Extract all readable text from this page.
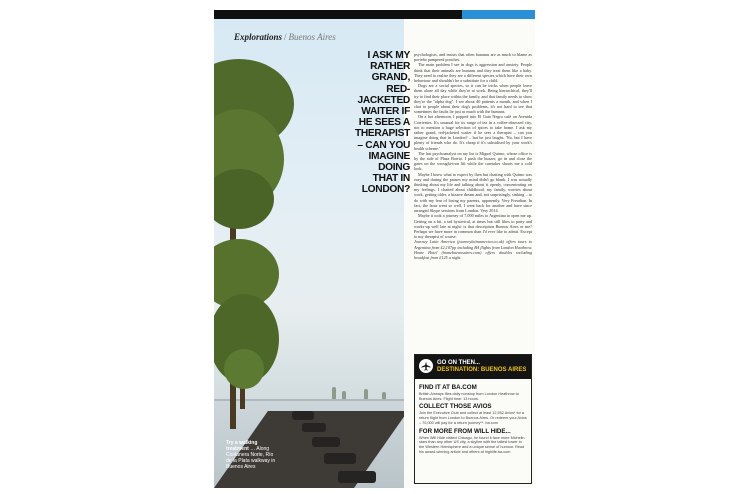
Try a walking treatment … Along Costanera Norte, Río de la Plata walkway in Buenos Aires
Explorations / Buenos Aires
I ASK MY RATHER GRAND, RED-JACKETED WAITER IF HE SEES A THERAPIST – CAN YOU IMAGINE DOING THAT IN LONDON?

psychologists, and insists that often bananas are as much to blame as porteño pampered pooches.

The main problem I see in dogs is aggression and anxiety. People think that their animals are humans and they treat them like a baby. They need to realise they are a different species which have their own behaviour and shouldn't be a substitute for a child.

Dogs are a social species, so it can be tricks when people leave them alone all day while they're at work. Being hierarchical, they'll try to find their place within the family, and that family needs to show they're the "alpha dog". I see about 40 patients a month, and when I chat to people about their dog's problems, it's not hard to see that sometimes the faults lie just as much with the humans.

On a hot afternoon, I popped into El Gato Negro café on Avenida Corrientes. It's unusual for its range of tea in a coffee-obsessed city, not to mention a huge selection of spices to take home. I ask my rather grand, red-jacketed waiter if he sees a therapist – can you imagine doing that in London? – but he just laughs. 'No, but I have plenty of friends who do. It's cheap if it's subsidised by your work's health scheme.'

The last psychoanalyst on my list is Miguel Quirno, whose office is by the side of Plaza Borrio. I push the buzzer, go in and close the gates on the wrought-iron lift while the caretaker shoots me a cold look.

Maybe I knew what to expect by then but chatting with Quirno was easy and during the pauses my mind didn't go blank. I was actually thinking about my life and talking about it openly, concentrating on my feelings. I chatted about childhood, my family, worries about work, getting older, a bizarre dream and, not surprisingly, sinking – to do with my fear of losing my parents, apparently. Very Freudian. In fact, the hour went so well, I went back for another and have since arranged Skype sessions from London. Very 2014.

Maybe it took a journey of 7,000 miles to Argentina to open me up. Getting on a bit, a tad hysterical, at times but still likes to party and works-up well late at night: is that description Buenos Aires or me? Perhaps we have more in common than I'd ever like to admit. Except to my therapist of course.

Journey Latin America (journeylatinamerica.co.uk) offers tours to Argentina from £2,107pp including BA flights from London Heathrow. Home Hotel (homebuenosaires.com) offers doubles including breakfast from £125 a night.

GO ON THEN...
DESTINATION: BUENOS AIRES
FIND IT AT BA.COM
British Airways flies daily nonstop from London Heathrow to Buenos Aires. Flight time: 13 hours.
COLLECT THOSE AVIOS
Join the Executive Club and collect at least 12,552 Avios* for a return flight from London to Buenos Aires. Or redeem your Avios – 70,000 will pay for a return journey**. ba.com
FOR MORE FROM WILL HIDE...
When Will Hide visited Chicago, he found it face more Michelin stars than any other US city, a skyline with the tallest tower in the Western Hemisphere and a unique sense of humour. Read his award-winning article and others at highlife.ba.com
